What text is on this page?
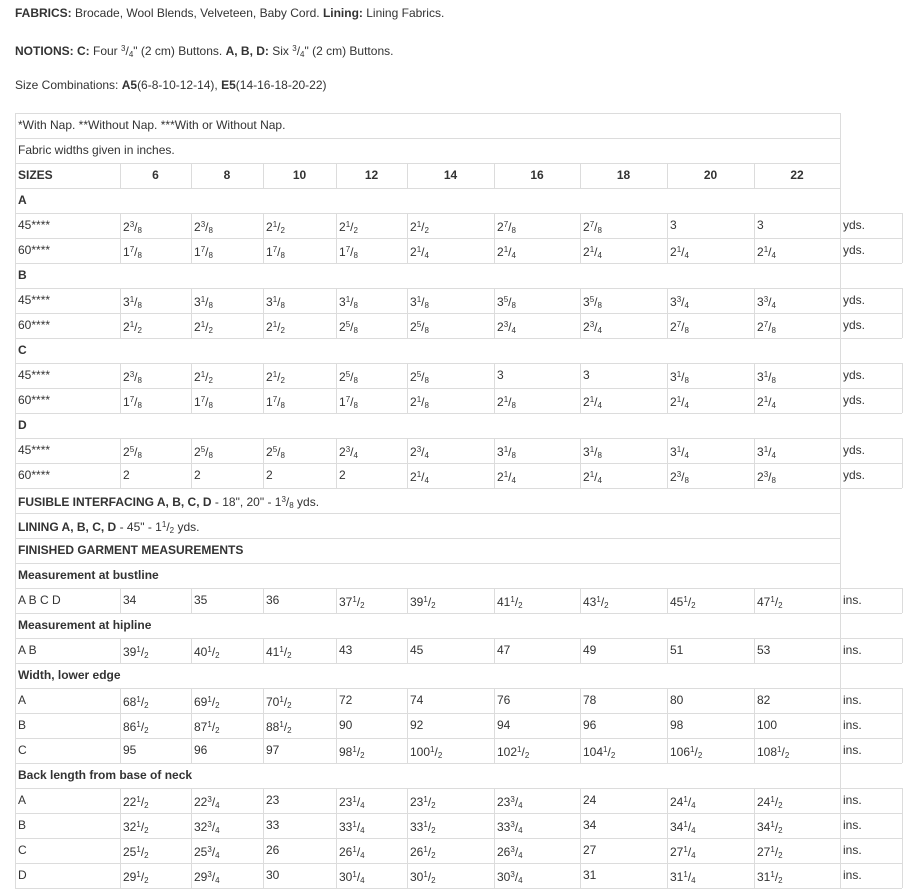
FABRICS: Brocade, Wool Blends, Velveteen, Baby Cord. Lining: Lining Fabrics.
NOTIONS: C: Four $^3/_4$" (2 cm) Buttons. A, B, D: Six $^3/_4$" (2 cm) Buttons.
Size Combinations: A5(6-8-10-12-14), E5(14-16-18-20-22)
*With Nap. **Without Nap. ***With or Without Nap.
Fabric widths given in inches.
SIZES	6	8	10	12	14	16	18	20	22
A
45****	$2^3/_8$	$2^3/_8$	$2^1/_2$	$2^1/_2$	$2^1/_2$	$2^7/_8$	$2^7/_8$	3	3	yds.
60****	$1^7/_8$	$1^7/_8$	$1^7/_8$	$1^7/_8$	$2^1/_4$	$2^1/_4$	$2^1/_4$	$2^1/_4$	$2^1/_4$	yds.
B
45****	$3^1/_8$	$3^1/_8$	$3^1/_8$	$3^1/_8$	$3^1/_8$	$3^5/_8$	$3^5/_8$	$3^3/_4$	$3^3/_4$	yds.
60****	$2^1/_2$	$2^1/_2$	$2^1/_2$	$2^5/_8$	$2^5/_8$	$2^3/_4$	$2^3/_4$	$2^7/_8$	$2^7/_8$	yds.
C
45****	$2^3/_8$	$2^1/_2$	$2^1/_2$	$2^5/_8$	$2^5/_8$	3	3	$3^1/_8$	$3^1/_8$	yds.
60****	$1^7/_8$	$1^7/_8$	$1^7/_8$	$1^7/_8$	$2^1/_8$	$2^1/_8$	$2^1/_4$	$2^1/_4$	$2^1/_4$	yds.
D
45****	$2^5/_8$	$2^5/_8$	$2^5/_8$	$2^3/_4$	$2^3/_4$	$3^1/_8$	$3^1/_8$	$3^1/_4$	$3^1/_4$	yds.
60****	2	2	2	2	$2^1/_4$	$2^1/_4$	$2^1/_4$	$2^3/_8$	$2^3/_8$	yds.
FUSIBLE INTERFACING A, B, C, D - 18", 20" - $1^3/_8$ yds.
LINING A, B, C, D - 45" - $1^1/_2$ yds.
FINISHED GARMENT MEASUREMENTS
Measurement at bustline
A B C D	34	35	36	$37^1/_2$	$39^1/_2$	$41^1/_2$	$43^1/_2$	$45^1/_2$	$47^1/_2$	ins.
Measurement at hipline
A B	$39^1/_2$	$40^1/_2$	$41^1/_2$	43	45	47	49	51	53	ins.
Width, lower edge
A	$68^1/_2$	$69^1/_2$	$70^1/_2$	72	74	76	78	80	82	ins.
B	$86^1/_2$	$87^1/_2$	$88^1/_2$	90	92	94	96	98	100	ins.
C	95	96	97	$98^1/_2$	$100^1/_2$	$102^1/_2$	$104^1/_2$	$106^1/_2$	$108^1/_2$	ins.
Back length from base of neck
A	$22^1/_2$	$22^3/_4$	23	$23^1/_4$	$23^1/_2$	$23^3/_4$	24	$24^1/_4$	$24^1/_2$	ins.
B	$32^1/_2$	$32^3/_4$	33	$33^1/_4$	$33^1/_2$	$33^3/_4$	34	$34^1/_4$	$34^1/_2$	ins.
C	$25^1/_2$	$25^3/_4$	26	$26^1/_4$	$26^1/_2$	$26^3/_4$	27	$27^1/_4$	$27^1/_2$	ins.
D	$29^1/_2$	$29^3/_4$	30	$30^1/_4$	$30^1/_2$	$30^3/_4$	31	$31^1/_4$	$31^1/_2$	ins.
